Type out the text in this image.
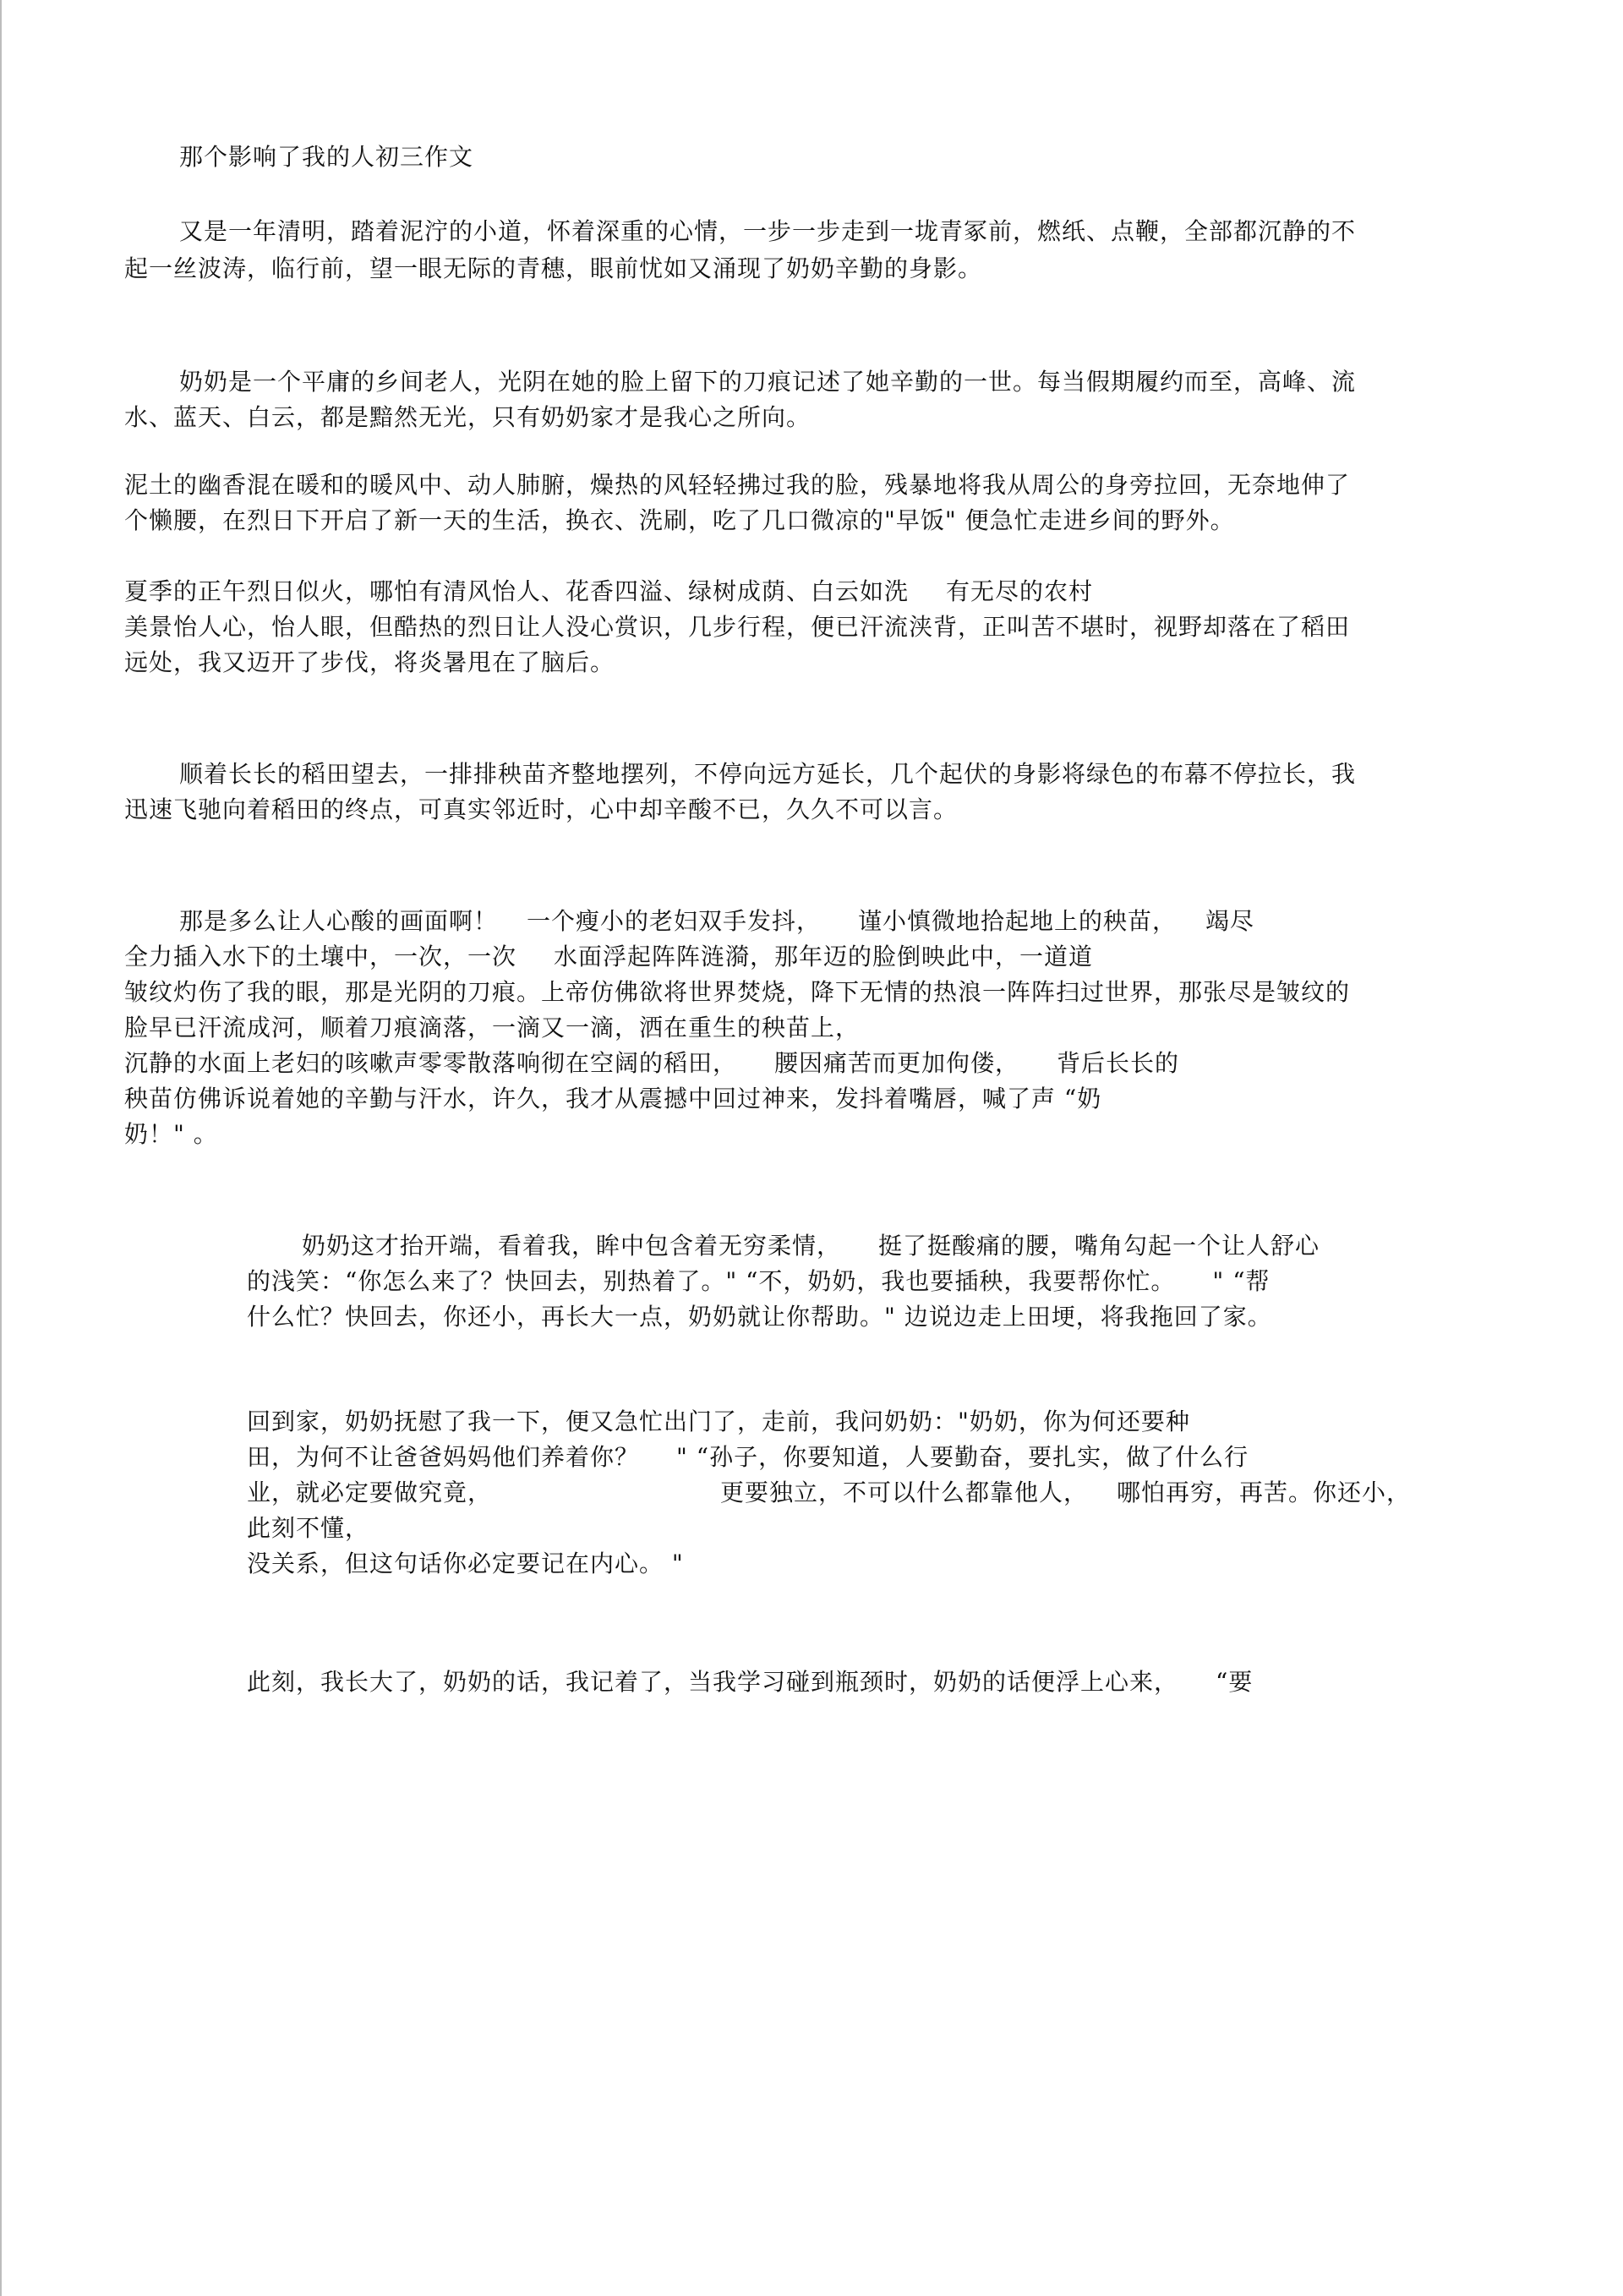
那个影响了我的人初三作文
又是一年清明，踏着泥泞的小道，怀着深重的心情，一步一步走到一垅青冢前，燃纸、点鞭，全部都沉静的不
起一丝波涛，临行前，望一眼无际的青穗，眼前忧如又涌现了奶奶辛勤的身影。
奶奶是一个平庸的乡间老人，光阴在她的脸上留下的刀痕记述了她辛勤的一世。每当假期履约而至，高峰、流
水、蓝天、白云，都是黯然无光，只有奶奶家才是我心之所向。
泥土的幽香混在暖和的暖风中、动人肺腑，燥热的风轻轻拂过我的脸，残暴地将我从周公的身旁拉回，无奈地伸了
个懒腰，在烈日下开启了新一天的生活，换衣、洗刷，吃了几口微凉的"早饭" 便急忙走进乡间的野外。
夏季的正午烈日似火，哪怕有清风怡人、花香四溢、绿树成荫、白云如洗 有无尽的农村
美景怡人心，怡人眼，但酷热的烈日让人没心赏识，几步行程，便已汗流浃背，正叫苦不堪时，视野却落在了稻田
远处，我又迈开了步伐，将炎暑甩在了脑后。
顺着长长的稻田望去，一排排秧苗齐整地摆列，不停向远方延长，几个起伏的身影将绿色的布幕不停拉长，我
迅速飞驰向着稻田的终点，可真实邻近时，心中却辛酸不已，久久不可以言。
那是多么让人心酸的画面啊！ 一个瘦小的老妇双手发抖， 谨小慎微地拾起地上的秧苗， 竭尽
全力插入水下的土壤中，一次，一次 水面浮起阵阵涟漪，那年迈的脸倒映此中，一道道
皱纹灼伤了我的眼，那是光阴的刀痕。上帝仿佛欲将世界焚烧，降下无情的热浪一阵阵扫过世界，那张尽是皱纹的
脸早已汗流成河，顺着刀痕滴落，一滴又一滴，洒在重生的秧苗上，
沉静的水面上老妇的咳嗽声零零散落响彻在空阔的稻田， 腰因痛苦而更加佝偻， 背后长长的
秧苗仿佛诉说着她的辛勤与汗水，许久，我才从震撼中回过神来，发抖着嘴唇，喊了声 “奶
奶！" 。
奶奶这才抬开端，看着我，眸中包含着无穷柔情， 挺了挺酸痛的腰，嘴角勾起一个让人舒心
的浅笑：“你怎么来了？快回去，别热着了。" “不，奶奶，我也要插秧，我要帮你忙。 " “帮
什么忙？快回去，你还小，再长大一点，奶奶就让你帮助。" 边说边走上田埂，将我拖回了家。
回到家，奶奶抚慰了我一下，便又急忙出门了，走前，我问奶奶："奶奶，你为何还要种
田，为何不让爸爸妈妈他们养着你？ " “孙子，你要知道，人要勤奋，要扎实，做了什么行
业，就必定要做究竟，	更要独立，不可以什么都靠他人， 哪怕再穷，再苦。你还小，
此刻不懂，
没关系，但这句话你必定要记在内心。 "
此刻，我长大了，奶奶的话，我记着了，当我学习碰到瓶颈时，奶奶的话便浮上心来， “要
